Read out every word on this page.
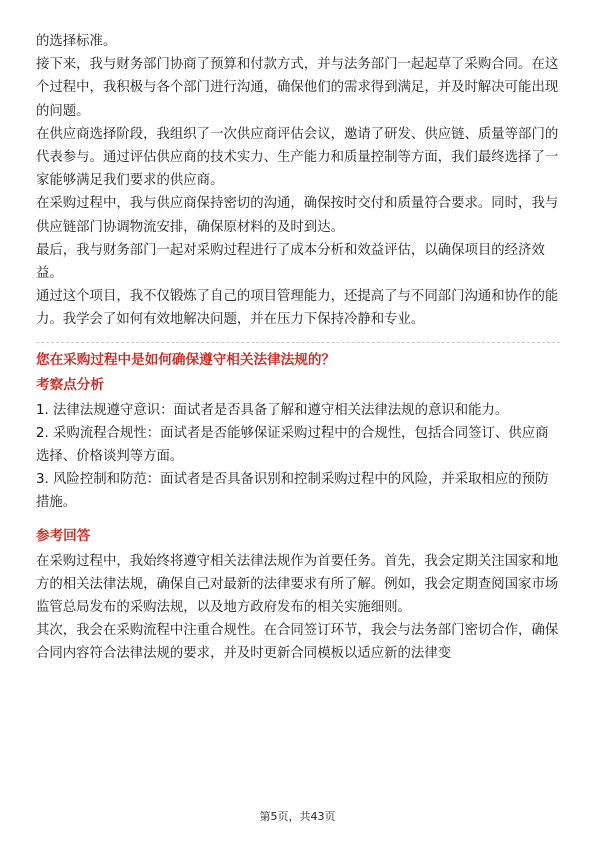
的选择标准。

接下来，我与财务部门协商了预算和付款方式，并与法务部门一起起草了采购合同。在这个过程中，我积极与各个部门进行沟通，确保他们的需求得到满足，并及时解决可能出现的问题。

在供应商选择阶段，我组织了一次供应商评估会议，邀请了研发、供应链、质量等部门的代表参与。通过评估供应商的技术实力、生产能力和质量控制等方面，我们最终选择了一家能够满足我们要求的供应商。

在采购过程中，我与供应商保持密切的沟通，确保按时交付和质量符合要求。同时，我与供应链部门协调物流安排，确保原材料的及时到达。

最后，我与财务部门一起对采购过程进行了成本分析和效益评估，以确保项目的经济效益。

通过这个项目，我不仅锻炼了自己的项目管理能力，还提高了与不同部门沟通和协作的能力。我学会了如何有效地解决问题，并在压力下保持冷静和专业。

您在采购过程中是如何确保遵守相关法律法规的？
考察点分析

1. 法律法规遵守意识：面试者是否具备了解和遵守相关法律法规的意识和能力。

2. 采购流程合规性：面试者是否能够保证采购过程中的合规性，包括合同签订、供应商选择、价格谈判等方面。

3. 风险控制和防范：面试者是否具备识别和控制采购过程中的风险，并采取相应的预防措施。

参考回答

在采购过程中，我始终将遵守相关法律法规作为首要任务。首先，我会定期关注国家和地方的相关法律法规，确保自己对最新的法律要求有所了解。例如，我会定期查阅国家市场监管总局发布的采购法规，以及地方政府发布的相关实施细则。

其次，我会在采购流程中注重合规性。在合同签订环节，我会与法务部门密切合作，确保合同内容符合法律法规的要求，并及时更新合同模板以适应新的法律变

第5页，共43页
